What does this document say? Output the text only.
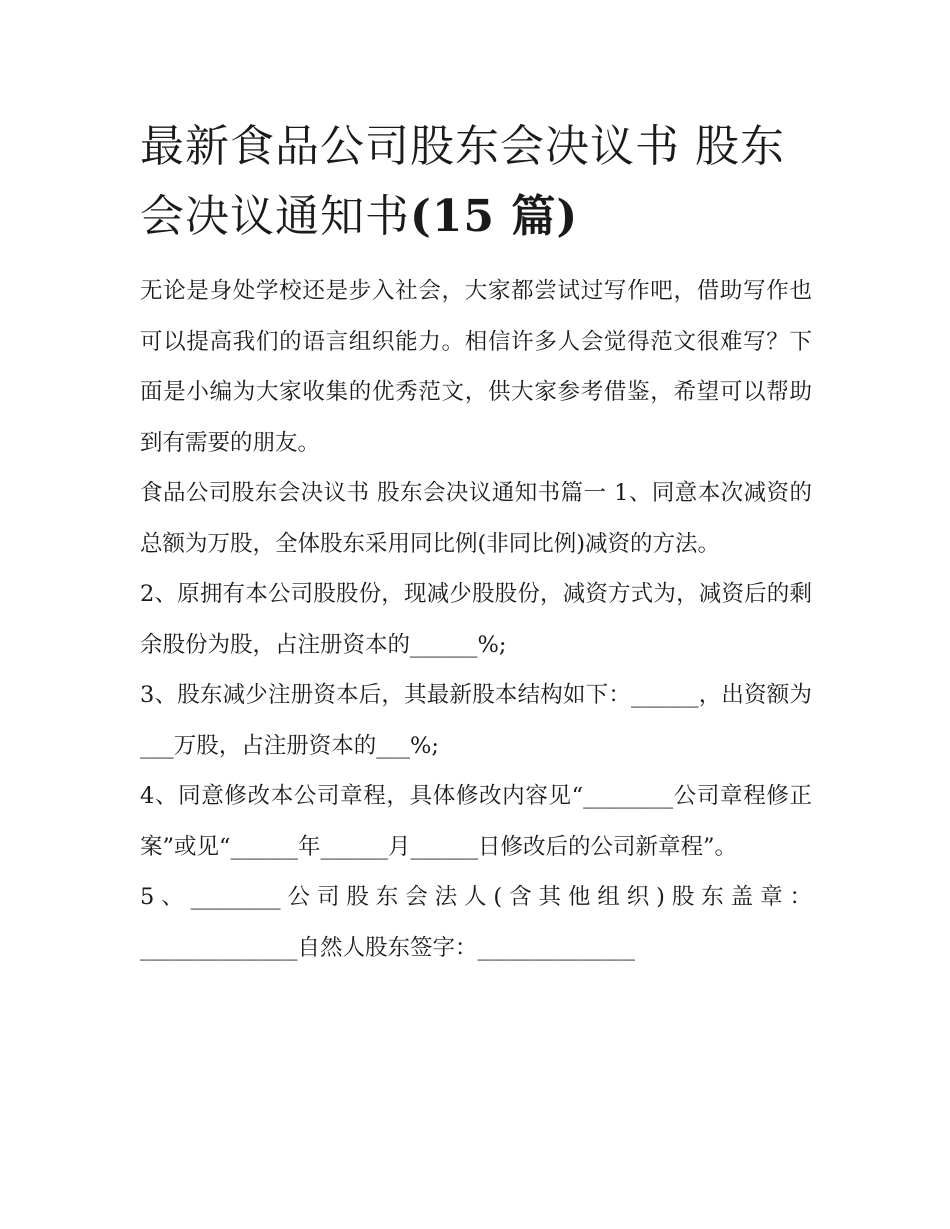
最新食品公司股东会决议书 股东会决议通知书(15 篇)

无论是身处学校还是步入社会，大家都尝试过写作吧，借助写作也可以提高我们的语言组织能力。相信许多人会觉得范文很难写？下面是小编为大家收集的优秀范文，供大家参考借鉴，希望可以帮助到有需要的朋友。

食品公司股东会决议书 股东会决议通知书篇一 1、同意本次减资的总额为万股，全体股东采用同比例(非同比例)减资的方法。

2、原拥有本公司股股份，现减少股股份，减资方式为，减资后的剩余股份为股，占注册资本的______%;

3、股东减少注册资本后，其最新股本结构如下：______，出资额为___万股，占注册资本的___%;

4、同意修改本公司章程，具体修改内容见“________公司章程修正案”或见“______年______月______日修改后的公司新章程”。

5、________公司股东会法人(含其他组织)股东盖章：______________自然人股东签字：______________
